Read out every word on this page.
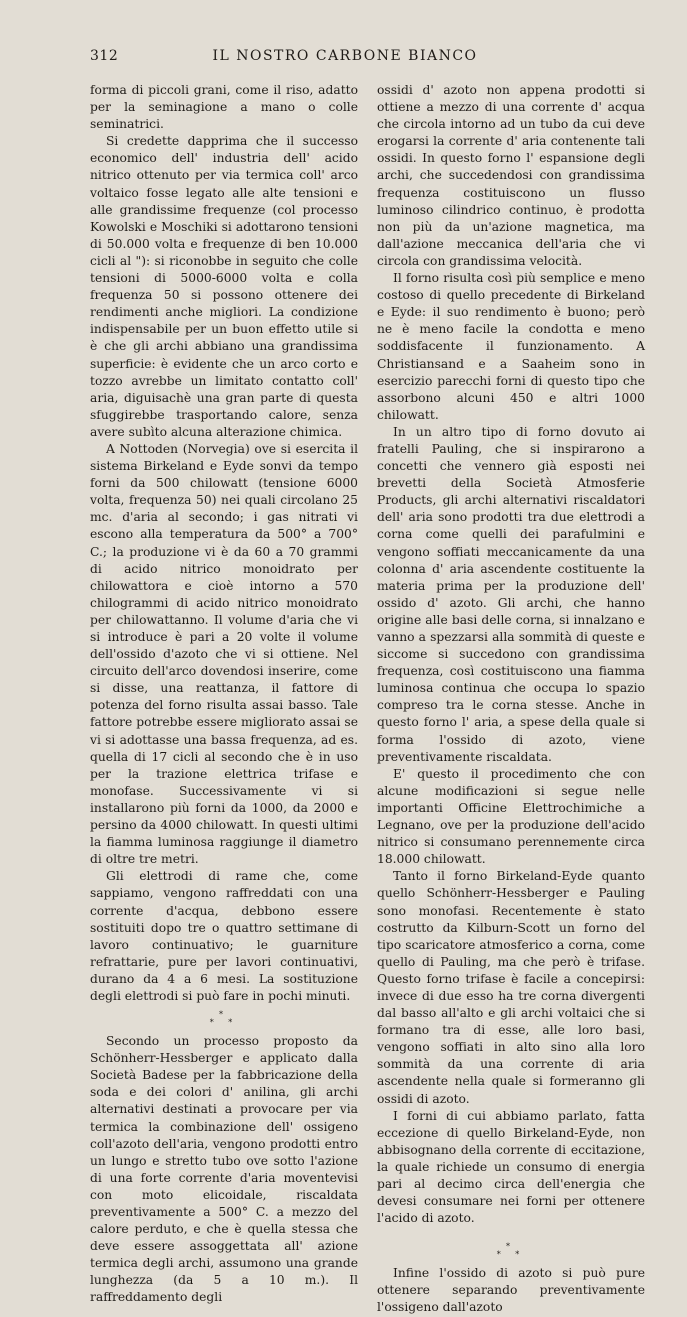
312	IL NOSTRO CARBONE BIANCO

forma di piccoli grani, come il riso, adatto per la seminagione a mano o colle seminatrici.

Si credette dapprima che il successo economico dell' industria dell' acido nitrico ottenuto per via termica coll' arco voltaico fosse legato alle alte tensioni e alle grandissime frequenze (col processo Kowolski e Moschiki si adottarono tensioni di 50.000 volta e frequenze di ben 10.000 cicli al "): si riconobbe in seguito che colle tensioni di 5000-6000 volta e colla frequenza 50 si possono ottenere dei rendimenti anche migliori. La condizione indispensabile per un buon effetto utile si è che gli archi abbiano una grandissima superficie: è evidente che un arco corto e tozzo avrebbe un limitato contatto coll' aria, diguisachè una gran parte di questa sfuggirebbe trasportando calore, senza avere subìto alcuna alterazione chimica.

A Nottoden (Norvegia) ove si esercita il sistema Birkeland e Eyde sonvi da tempo forni da 500 chilowatt (tensione 6000 volta, frequenza 50) nei quali circolano 25 mc. d'aria al secondo; i gas nitrati vi escono alla temperatura da 500° a 700° C.; la produzione vi è da 60 a 70 grammi di acido nitrico monoidrato per chilowattora e cioè intorno a 570 chilogrammi di acido nitrico monoidrato per chilowattanno. Il volume d'aria che vi si introduce è pari a 20 volte il volume dell'ossido d'azoto che vi si ottiene. Nel circuito dell'arco dovendosi inserire, come si disse, una reattanza, il fattore di potenza del forno risulta assai basso. Tale fattore potrebbe essere migliorato assai se vi si adottasse una bassa frequenza, ad es. quella di 17 cicli al secondo che è in uso per la trazione elettrica trifase e monofase. Successivamente vi si installarono più forni da 1000, da 2000 e persino da 4000 chilowatt. In questi ultimi la fiamma luminosa raggiunge il diametro di oltre tre metri.

Gli elettrodi di rame che, come sappiamo, vengono raffreddati con una corrente d'acqua, debbono essere sostituiti dopo tre o quattro settimane di lavoro continuativo; le guarniture refrattarie, pure per lavori continuativi, durano da 4 a 6 mesi. La sostituzione degli elettrodi si può fare in pochi minuti.

*
* *

Secondo un processo proposto da Schönherr-Hessberger e applicato dalla Società Badese per la fabbricazione della soda e dei colori d' anilina, gli archi alternativi destinati a provocare per via termica la combinazione dell' ossigeno coll'azoto dell'aria, vengono prodotti entro un lungo e stretto tubo ove sotto l'azione di una forte corrente d'aria moventevisi con moto elicoidale, riscaldata preventivamente a 500° C. a mezzo del calore perduto, e che è quella stessa che deve essere assoggettata all' azione termica degli archi, assumono una grande lunghezza (da 5 a 10 m.). Il raffreddamento degli

ossidi d' azoto non appena prodotti si ottiene a mezzo di una corrente d' acqua che circola intorno ad un tubo da cui deve erogarsi la corrente d' aria contenente tali ossidi. In questo forno l' espansione degli archi, che succedendosi con grandissima frequenza costituiscono un flusso luminoso cilindrico continuo, è prodotta non più da un'azione magnetica, ma dall'azione meccanica dell'aria che vi circola con grandissima velocità.

Il forno risulta così più semplice e meno costoso di quello precedente di Birkeland e Eyde: il suo rendimento è buono; però ne è meno facile la condotta e meno soddisfacente il funzionamento. A Christiansand e a Saaheim sono in esercizio parecchi forni di questo tipo che assorbono alcuni 450 e altri 1000 chilowatt.

In un altro tipo di forno dovuto ai fratelli Pauling, che si inspirarono a concetti che vennero già esposti nei brevetti della Società Atmosferie Products, gli archi alternativi riscaldatori dell' aria sono prodotti tra due elettrodi a corna come quelli dei parafulmini e vengono soffiati meccanicamente da una colonna d' aria ascendente costituente la materia prima per la produzione dell' ossido d' azoto. Gli archi, che hanno origine alle basi delle corna, si innalzano e vanno a spezzarsi alla sommità di queste e siccome si succedono con grandissima frequenza, così costituiscono una fiamma luminosa continua che occupa lo spazio compreso tra le corna stesse. Anche in questo forno l' aria, a spese della quale si forma l'ossido di azoto, viene preventivamente riscaldata.

E' questo il procedimento che con alcune modificazioni si segue nelle importanti Officine Elettrochimiche a Legnano, ove per la produzione dell'acido nitrico si consumano perennemente circa 18.000 chilowatt.

Tanto il forno Birkeland-Eyde quanto quello Schönherr-Hessberger e Pauling sono monofasi. Recentemente è stato costrutto da Kilburn-Scott un forno del tipo scaricatore atmosferico a corna, come quello di Pauling, ma che però è trifase. Questo forno trifase è facile a concepirsi: invece di due esso ha tre corna divergenti dal basso all'alto e gli archi voltaici che si formano tra di esse, alle loro basi, vengono soffiati in alto sino alla loro sommità da una corrente di aria ascendente nella quale si formeranno gli ossidi di azoto.

I forni di cui abbiamo parlato, fatta eccezione di quello Birkeland-Eyde, non abbisognano della corrente di eccitazione, la quale richiede un consumo di energia pari al decimo circa dell'energia che devesi consumare nei forni per ottenere l'acido di azoto.

*
* *

Infine l'ossido di azoto si può pure ottenere separando preventivamente l'ossigeno dall'azoto
